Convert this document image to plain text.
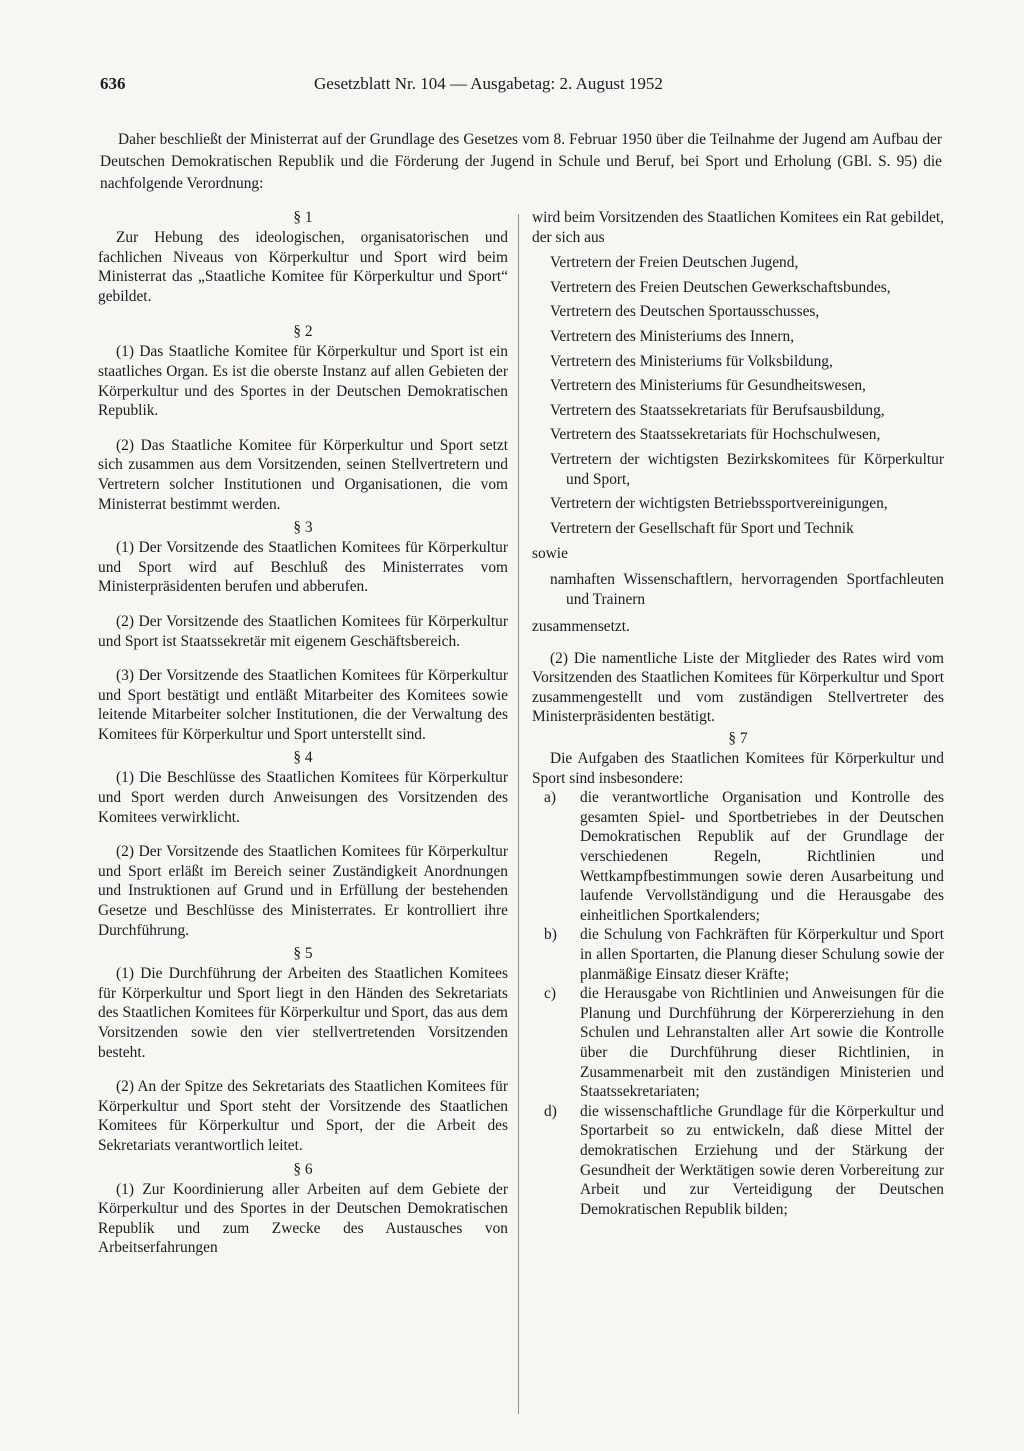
636	Gesetzblatt Nr. 104 — Ausgabetag: 2. August 1952

Daher beschließt der Ministerrat auf der Grundlage des Gesetzes vom 8. Februar 1950 über die Teilnahme der Jugend am Aufbau der Deutschen Demokratischen Republik und die Förderung der Jugend in Schule und Beruf, bei Sport und Erholung (GBl. S. 95) die nachfolgende Verordnung:

§ 1

Zur Hebung des ideologischen, organisatorischen und fachlichen Niveaus von Körperkultur und Sport wird beim Ministerrat das „Staatliche Komitee für Körperkultur und Sport“ gebildet.

§ 2

(1) Das Staatliche Komitee für Körperkultur und Sport ist ein staatliches Organ. Es ist die oberste Instanz auf allen Gebieten der Körperkultur und des Sportes in der Deutschen Demokratischen Republik.

(2) Das Staatliche Komitee für Körperkultur und Sport setzt sich zusammen aus dem Vorsitzenden, seinen Stellvertretern und Vertretern solcher Institutionen und Organisationen, die vom Ministerrat bestimmt werden.

§ 3

(1) Der Vorsitzende des Staatlichen Komitees für Körperkultur und Sport wird auf Beschluß des Ministerrates vom Ministerpräsidenten berufen und abberufen.

(2) Der Vorsitzende des Staatlichen Komitees für Körperkultur und Sport ist Staatssekretär mit eigenem Geschäftsbereich.

(3) Der Vorsitzende des Staatlichen Komitees für Körperkultur und Sport bestätigt und entläßt Mitarbeiter des Komitees sowie leitende Mitarbeiter solcher Institutionen, die der Verwaltung des Komitees für Körperkultur und Sport unterstellt sind.

§ 4

(1) Die Beschlüsse des Staatlichen Komitees für Körperkultur und Sport werden durch Anweisungen des Vorsitzenden des Komitees verwirklicht.

(2) Der Vorsitzende des Staatlichen Komitees für Körperkultur und Sport erläßt im Bereich seiner Zuständigkeit Anordnungen und Instruktionen auf Grund und in Erfüllung der bestehenden Gesetze und Beschlüsse des Ministerrates. Er kontrolliert ihre Durchführung.

§ 5

(1) Die Durchführung der Arbeiten des Staatlichen Komitees für Körperkultur und Sport liegt in den Händen des Sekretariats des Staatlichen Komitees für Körperkultur und Sport, das aus dem Vorsitzenden sowie den vier stellvertretenden Vorsitzenden besteht.

(2) An der Spitze des Sekretariats des Staatlichen Komitees für Körperkultur und Sport steht der Vorsitzende des Staatlichen Komitees für Körperkultur und Sport, der die Arbeit des Sekretariats verantwortlich leitet.

§ 6

(1) Zur Koordinierung aller Arbeiten auf dem Gebiete der Körperkultur und des Sportes in der Deutschen Demokratischen Republik und zum Zwecke des Austausches von Arbeitserfahrungen

wird beim Vorsitzenden des Staatlichen Komitees ein Rat gebildet, der sich aus

Vertretern der Freien Deutschen Jugend,
Vertretern des Freien Deutschen Gewerkschaftsbundes,
Vertretern des Deutschen Sportausschusses,
Vertretern des Ministeriums des Innern,
Vertretern des Ministeriums für Volksbildung,
Vertretern des Ministeriums für Gesundheitswesen,
Vertretern des Staatssekretariats für Berufsausbildung,
Vertretern des Staatssekretariats für Hochschulwesen,
Vertretern der wichtigsten Bezirkskomitees für Körperkultur und Sport,
Vertretern der wichtigsten Betriebssportvereinigungen,
Vertretern der Gesellschaft für Sport und Technik
sowie
namhaften Wissenschaftlern, hervorragenden Sportfachleuten und Trainern
zusammensetzt.

(2) Die namentliche Liste der Mitglieder des Rates wird vom Vorsitzenden des Staatlichen Komitees für Körperkultur und Sport zusammengestellt und vom zuständigen Stellvertreter des Ministerpräsidenten bestätigt.

§ 7

Die Aufgaben des Staatlichen Komitees für Körperkultur und Sport sind insbesondere:

a) die verantwortliche Organisation und Kontrolle des gesamten Spiel- und Sportbetriebes in der Deutschen Demokratischen Republik auf der Grundlage der verschiedenen Regeln, Richtlinien und Wettkampfbestimmungen sowie deren Ausarbeitung und laufende Vervollständigung und die Herausgabe des einheitlichen Sportkalenders;
b) die Schulung von Fachkräften für Körperkultur und Sport in allen Sportarten, die Planung dieser Schulung sowie der planmäßige Einsatz dieser Kräfte;
c) die Herausgabe von Richtlinien und Anweisungen für die Planung und Durchführung der Körpererziehung in den Schulen und Lehranstalten aller Art sowie die Kontrolle über die Durchführung dieser Richtlinien, in Zusammenarbeit mit den zuständigen Ministerien und Staatssekretariaten;
d) die wissenschaftliche Grundlage für die Körperkultur und Sportarbeit so zu entwickeln, daß diese Mittel der demokratischen Erziehung und der Stärkung der Gesundheit der Werktätigen sowie deren Vorbereitung zur Arbeit und zur Verteidigung der Deutschen Demokratischen Republik bilden;
